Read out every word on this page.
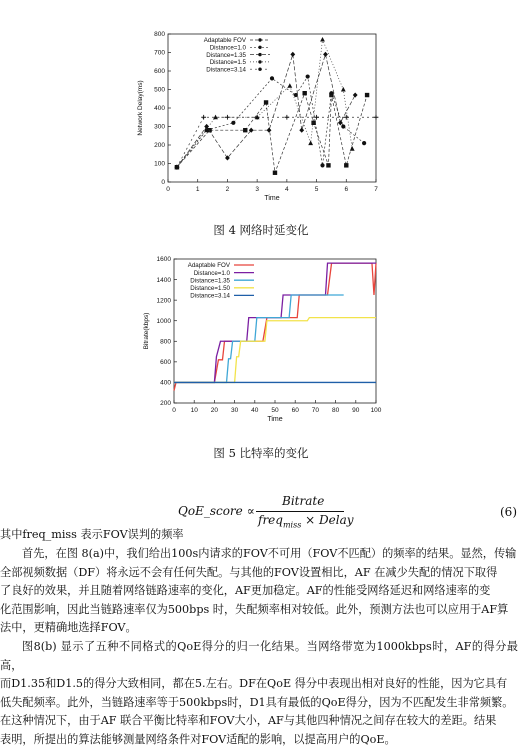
0	1	2	3	4	5	6	7
0
100
200
300
400
500
600
700
800
Time
Network Delay(ms)
Adaptable FOV
Distance=1.0
Distance=1.35
Distance=1.5
Distance=3.14
图 4 网络时延变化
0 10 20 30 40 50 60 70 80 90 100
200
400
600
800
1000
1200
1400
1600
Time
Bitrate(kbps)
Adaptable FOV
Distance=1.0
Distance=1.35
Distance=1.50
Distance=3.14
图 5 比特率的变化
QoE_score ∝
Bitrate
freq$_{miss}$ × Delay
(6)
其中freq_miss 表示FOV误判的频率
首先，在图 8(a)中，我们给出100s内请求的FOV不可用（FOV不匹配）的频率的结果。显然，传输
全部视频数据（DF）将永远不会有任何失配。与其他的FOV设置相比，AF 在减少失配的情况下取得
了良好的效果，并且随着网络链路速率的变化，AF更加稳定。AF的性能受网络延迟和网络速率的变
化范围影响，因此当链路速率仅为500bps 时，失配频率相对较低。此外，预测方法也可以应用于AF算
法中，更精确地选择FOV。
图8(b) 显示了五种不同格式的QoE得分的归一化结果。当网络带宽为1000kbps时，AF的得分最高，
而D1.35和D1.5的得分大致相同，都在5.左右。DF在QoE 得分中表现出相对良好的性能，因为它具有
低失配频率。此外，当链路速率等于500kbps时，D1具有最低的QoE得分，因为不匹配发生非常频繁。
在这种情况下，由于AF 联合平衡比特率和FOV大小，AF与其他四种情况之间存在较大的差距。结果
表明，所提出的算法能够测量网络条件对FOV适配的影响，以提高用户的QoE。
